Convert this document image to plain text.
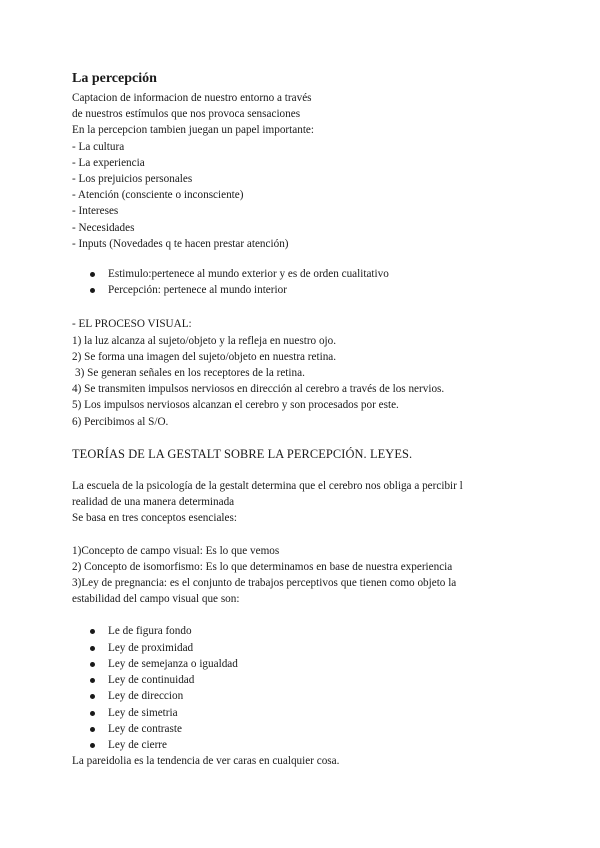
La percepción
Captacion de informacion de nuestro entorno a través
de nuestros estímulos que nos provoca sensaciones
En la percepcion tambien juegan un papel importante:
- La cultura
- La experiencia
- Los prejuicios personales
- Atención (consciente o inconsciente)
- Intereses
- Necesidades
- Inputs (Novedades q te hacen prestar atención)
Estimulo:pertenece al mundo exterior y es de orden cualitativo
Percepción: pertenece al mundo interior
- EL PROCESO VISUAL:
1) la luz alcanza al sujeto/objeto y la refleja en nuestro ojo.
2) Se forma una imagen del sujeto/objeto en nuestra retina.
3) Se generan señales en los receptores de la retina.
4) Se transmiten impulsos nerviosos en dirección al cerebro a través de los nervios.
5) Los impulsos nerviosos alcanzan el cerebro y son procesados por este.
6) Percibimos al S/O.
TEORÍAS DE LA GESTALT SOBRE LA PERCEPCIÓN. LEYES.
La escuela de la psicología de la gestalt determina que el cerebro nos obliga a percibir l
realidad de una manera determinada
Se basa en tres conceptos esenciales:
1)Concepto de campo visual: Es lo que vemos
2) Concepto de isomorfismo: Es lo que determinamos en base de nuestra experiencia
3)Ley de pregnancia: es el conjunto de trabajos perceptivos que tienen como objeto la
estabilidad del campo visual que son:
Le de figura fondo
Ley de proximidad
Ley de semejanza o igualdad
Ley de continuidad
Ley de direccion
Ley de simetria
Ley de contraste
Ley de cierre
La pareidolia es la tendencia de ver caras en cualquier cosa.
